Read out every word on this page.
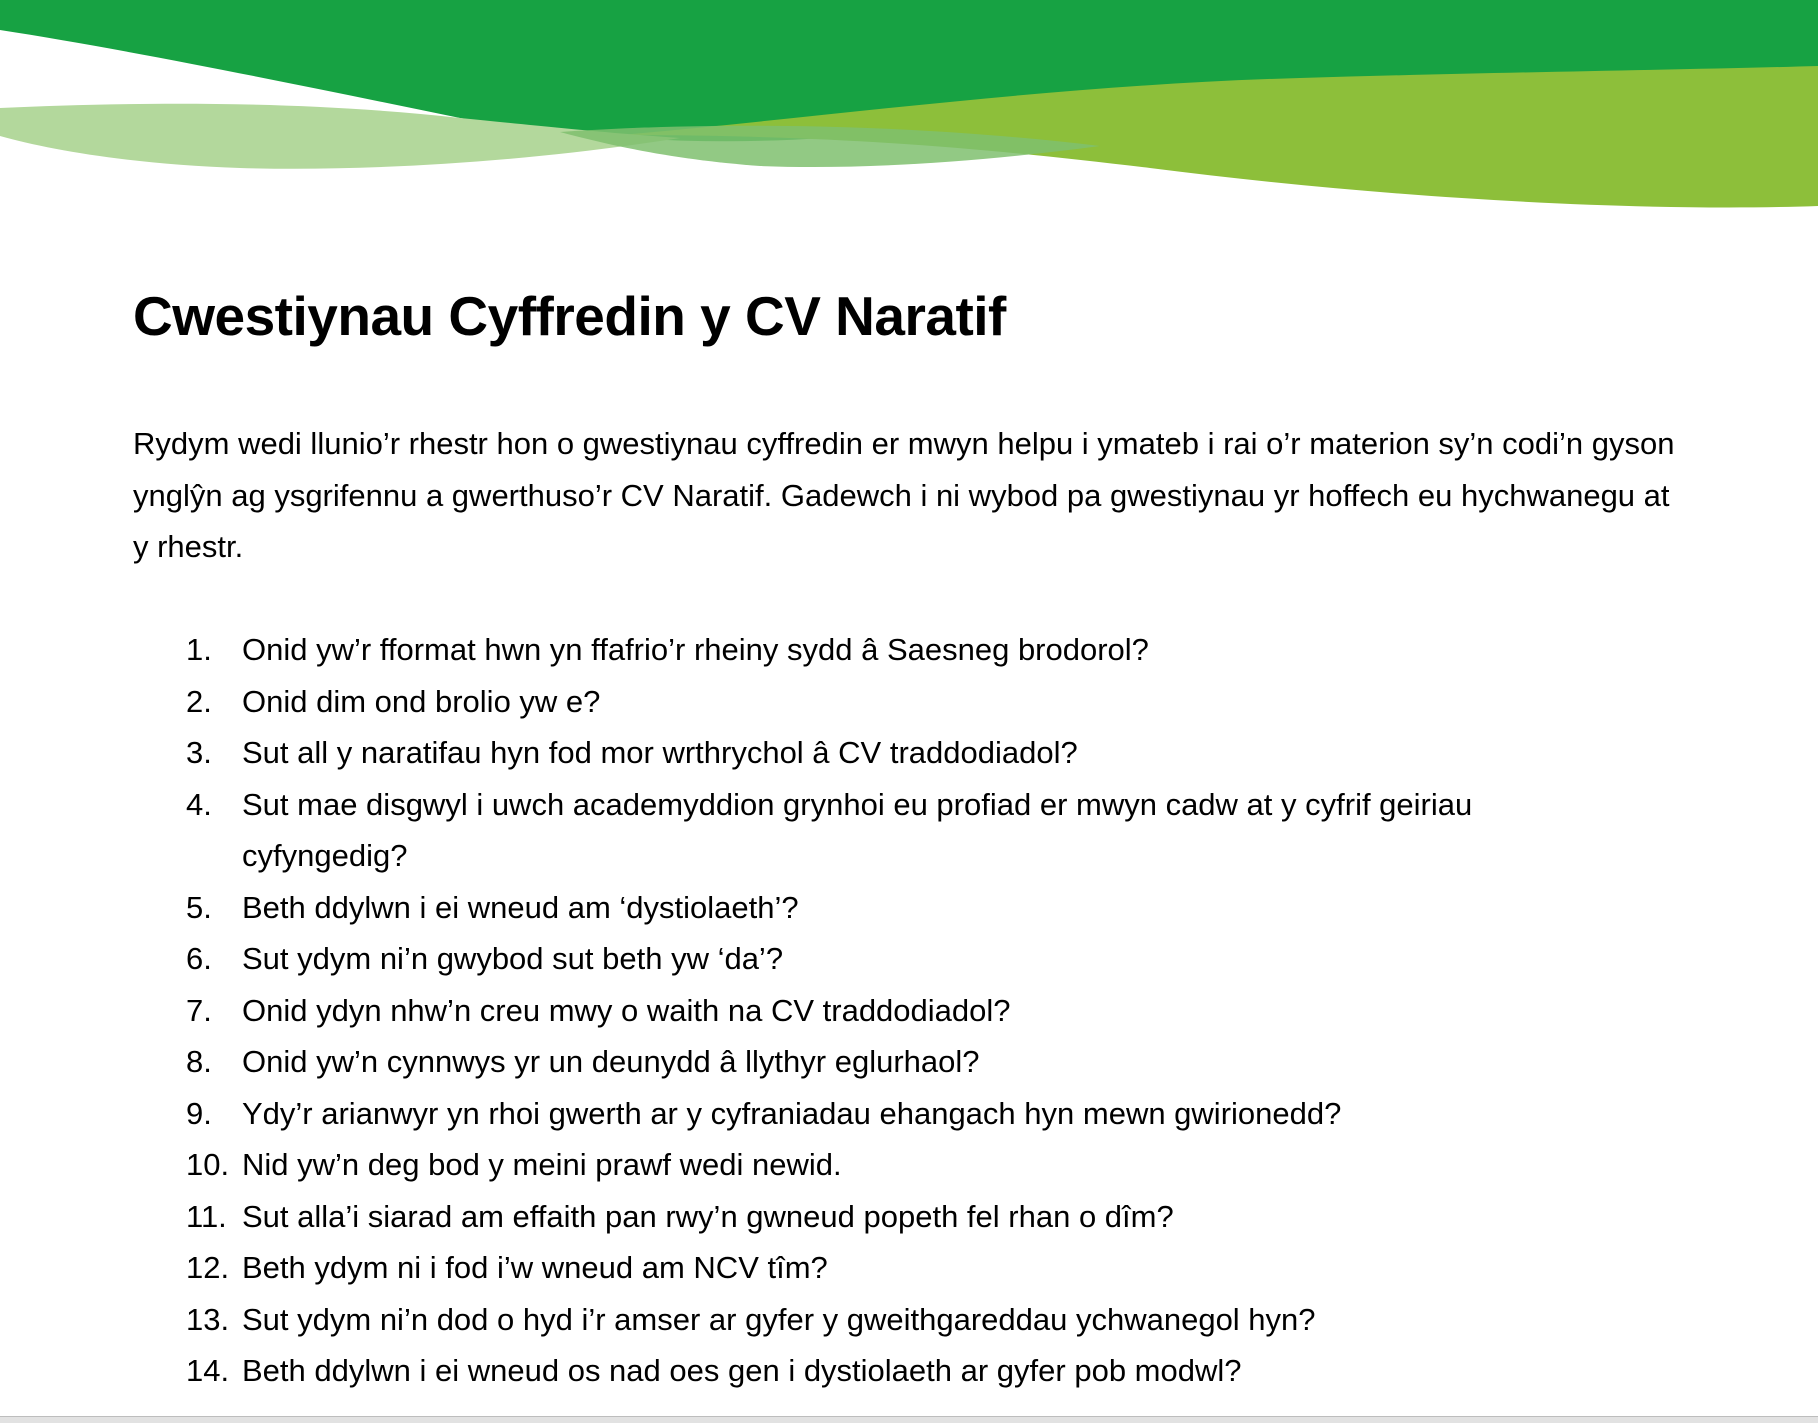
Cwestiynau Cyffredin y CV Naratif

Rydym wedi llunio’r rhestr hon o gwestiynau cyffredin er mwyn helpu i ymateb i rai o’r materion sy’n codi’n gyson ynglŷn ag ysgrifennu a gwerthuso’r CV Naratif. Gadewch i ni wybod pa gwestiynau yr hoffech eu hychwanegu at y rhestr.

1. Onid yw’r fformat hwn yn ffafrio’r rheiny sydd â Saesneg brodorol?
2. Onid dim ond brolio yw e?
3. Sut all y naratifau hyn fod mor wrthrychol â CV traddodiadol?
4. Sut mae disgwyl i uwch academyddion grynhoi eu profiad er mwyn cadw at y cyfrif geiriau cyfyngedig?
5. Beth ddylwn i ei wneud am ‘dystiolaeth’?
6. Sut ydym ni’n gwybod sut beth yw ‘da’?
7. Onid ydyn nhw’n creu mwy o waith na CV traddodiadol?
8. Onid yw’n cynnwys yr un deunydd â llythyr eglurhaol?
9. Ydy’r arianwyr yn rhoi gwerth ar y cyfraniadau ehangach hyn mewn gwirionedd?
10. Nid yw’n deg bod y meini prawf wedi newid.
11. Sut alla’i siarad am effaith pan rwy’n gwneud popeth fel rhan o dîm?
12. Beth ydym ni i fod i’w wneud am NCV tîm?
13. Sut ydym ni’n dod o hyd i’r amser ar gyfer y gweithgareddau ychwanegol hyn?
14. Beth ddylwn i ei wneud os nad oes gen i dystiolaeth ar gyfer pob modwl?
